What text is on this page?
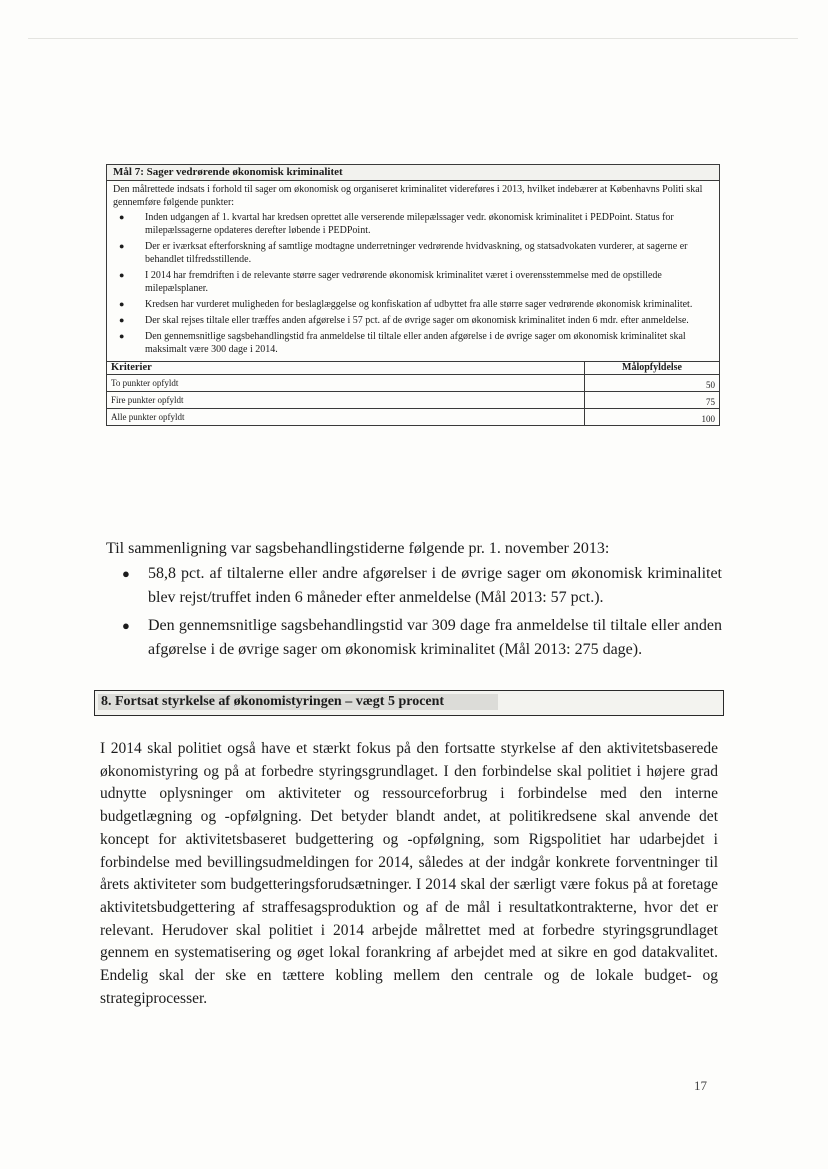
Mål 7: Sager vedrørende økonomisk kriminalitet

Den målrettede indsats i forhold til sager om økonomisk og organiseret kriminalitet videreføres i 2013, hvilket indebærer at Københavns Politi skal gennemføre følgende punkter:

● Inden udgangen af 1. kvartal har kredsen oprettet alle verserende milepælssager vedr. økonomisk kriminalitet i PEDPoint. Status for milepælssagerne opdateres derefter løbende i PEDPoint.
● Der er iværksat efterforskning af samtlige modtagne underretninger vedrørende hvidvaskning, og statsadvokaten vurderer, at sagerne er behandlet tilfredsstillende.
● I 2014 har fremdriften i de relevante større sager vedrørende økonomisk kriminalitet været i overensstemmelse med de opstillede milepælsplaner.
● Kredsen har vurderet muligheden for beslaglæggelse og konfiskation af udbyttet fra alle større sager vedrørende økonomisk kriminalitet.
● Der skal rejses tiltale eller træffes anden afgørelse i 57 pct. af de øvrige sager om økonomisk kriminalitet inden 6 mdr. efter anmeldelse.
● Den gennemsnitlige sagsbehandlingstid fra anmeldelse til tiltale eller anden afgørelse i de øvrige sager om økonomisk kriminalitet skal maksimalt være 300 dage i 2014.
Kriterier	Målopfyldelse
To punkter opfyldt	50
Fire punkter opfyldt	75
Alle punkter opfyldt	100

Til sammenligning var sagsbehandlingstiderne følgende pr. 1. november 2013:

● 58,8 pct. af tiltalerne eller andre afgørelser i de øvrige sager om økonomisk kriminalitet blev rejst/truffet inden 6 måneder efter anmeldelse (Mål 2013: 57 pct.).
● Den gennemsnitlige sagsbehandlingstid var 309 dage fra anmeldelse til tiltale eller anden afgørelse i de øvrige sager om økonomisk kriminalitet (Mål 2013: 275 dage).
8. Fortsat styrkelse af økonomistyringen – vægt 5 procent

I 2014 skal politiet også have et stærkt fokus på den fortsatte styrkelse af den aktivitetsbaserede økonomistyring og på at forbedre styringsgrundlaget. I den forbindelse skal politiet i højere grad udnytte oplysninger om aktiviteter og ressourceforbrug i forbindelse med den interne budgetlægning og -opfølgning. Det betyder blandt andet, at politikredsene skal anvende det koncept for aktivitetsbaseret budgettering og -opfølgning, som Rigspolitiet har udarbejdet i forbindelse med bevillingsudmeldingen for 2014, således at der indgår konkrete forventninger til årets aktiviteter som budgetteringsforudsætninger. I 2014 skal der særligt være fokus på at foretage aktivitetsbudgettering af straffesagsproduktion og af de mål i resultatkontrakterne, hvor det er relevant. Herudover skal politiet i 2014 arbejde målrettet med at forbedre styringsgrundlaget gennem en systematisering og øget lokal forankring af arbejdet med at sikre en god datakvalitet. Endelig skal der ske en tættere kobling mellem den centrale og de lokale budget- og strategiprocesser.

17
